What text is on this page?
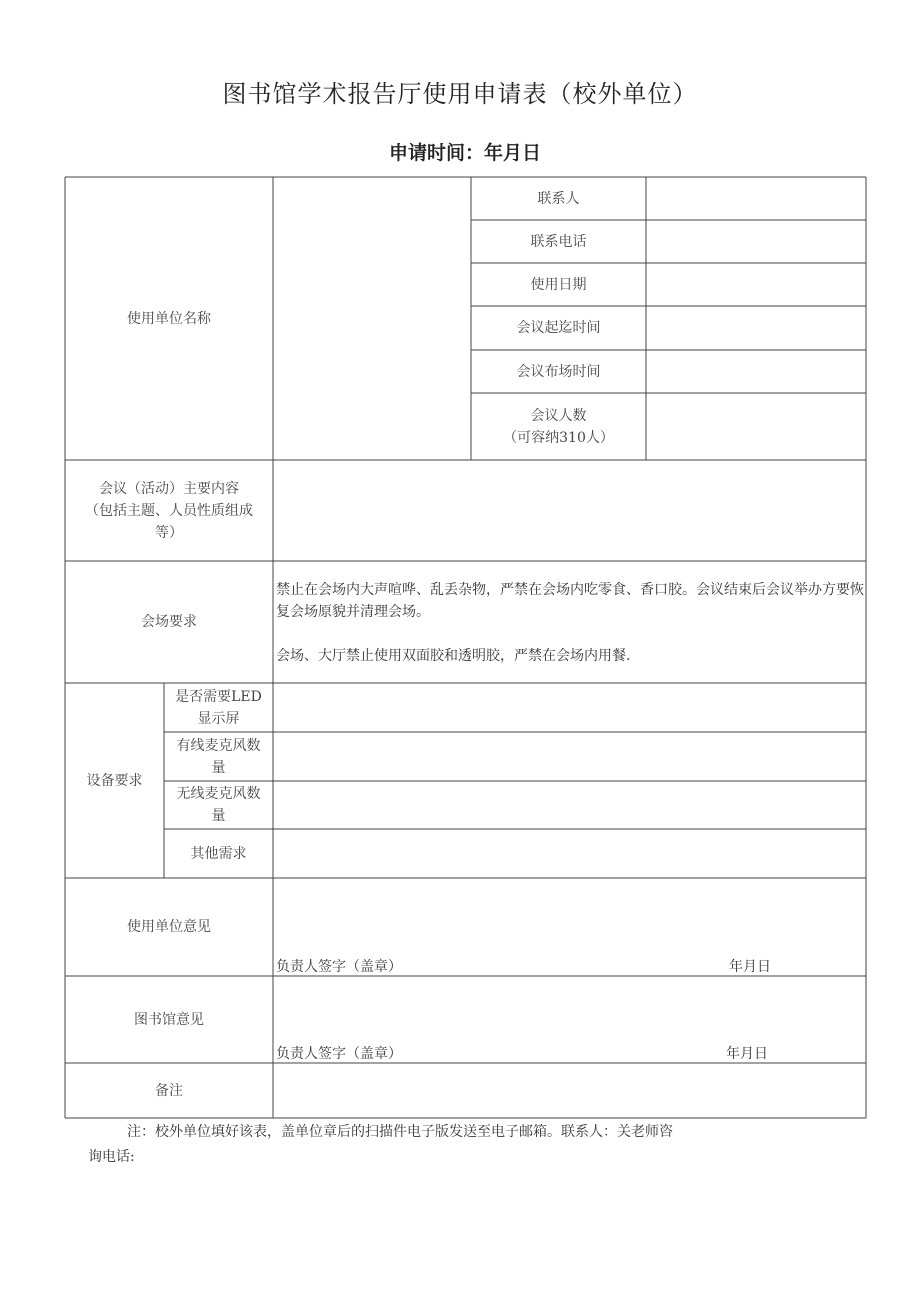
图书馆学术报告厅使用申请表（校外单位）
申请时间：年月日
使用单位名称
联系人
联系电话
使用日期
会议起迄时间
会议布场时间
会议人数
（可容纳310人）
会议（活动）主要内容
（包括主题、人员性质组成
等）
会场要求
禁止在会场内大声喧哗、乱丢杂物，严禁在会场内吃零食、香口胶。会议结束后会议举办方要恢复会场原貌并清理会场。
会场、大厅禁止使用双面胶和透明胶，严禁在会场内用餐.
设备要求
是否需要LED
显示屏
有线麦克风数
量
无线麦克风数
量
其他需求
使用单位意见
负责人签字（盖章）	年月日
图书馆意见
负责人签字（盖章）	年月日
备注
注：校外单位填好该表，盖单位章后的扫描件电子版发送至电子邮箱。联系人：关老师咨
询电话:
